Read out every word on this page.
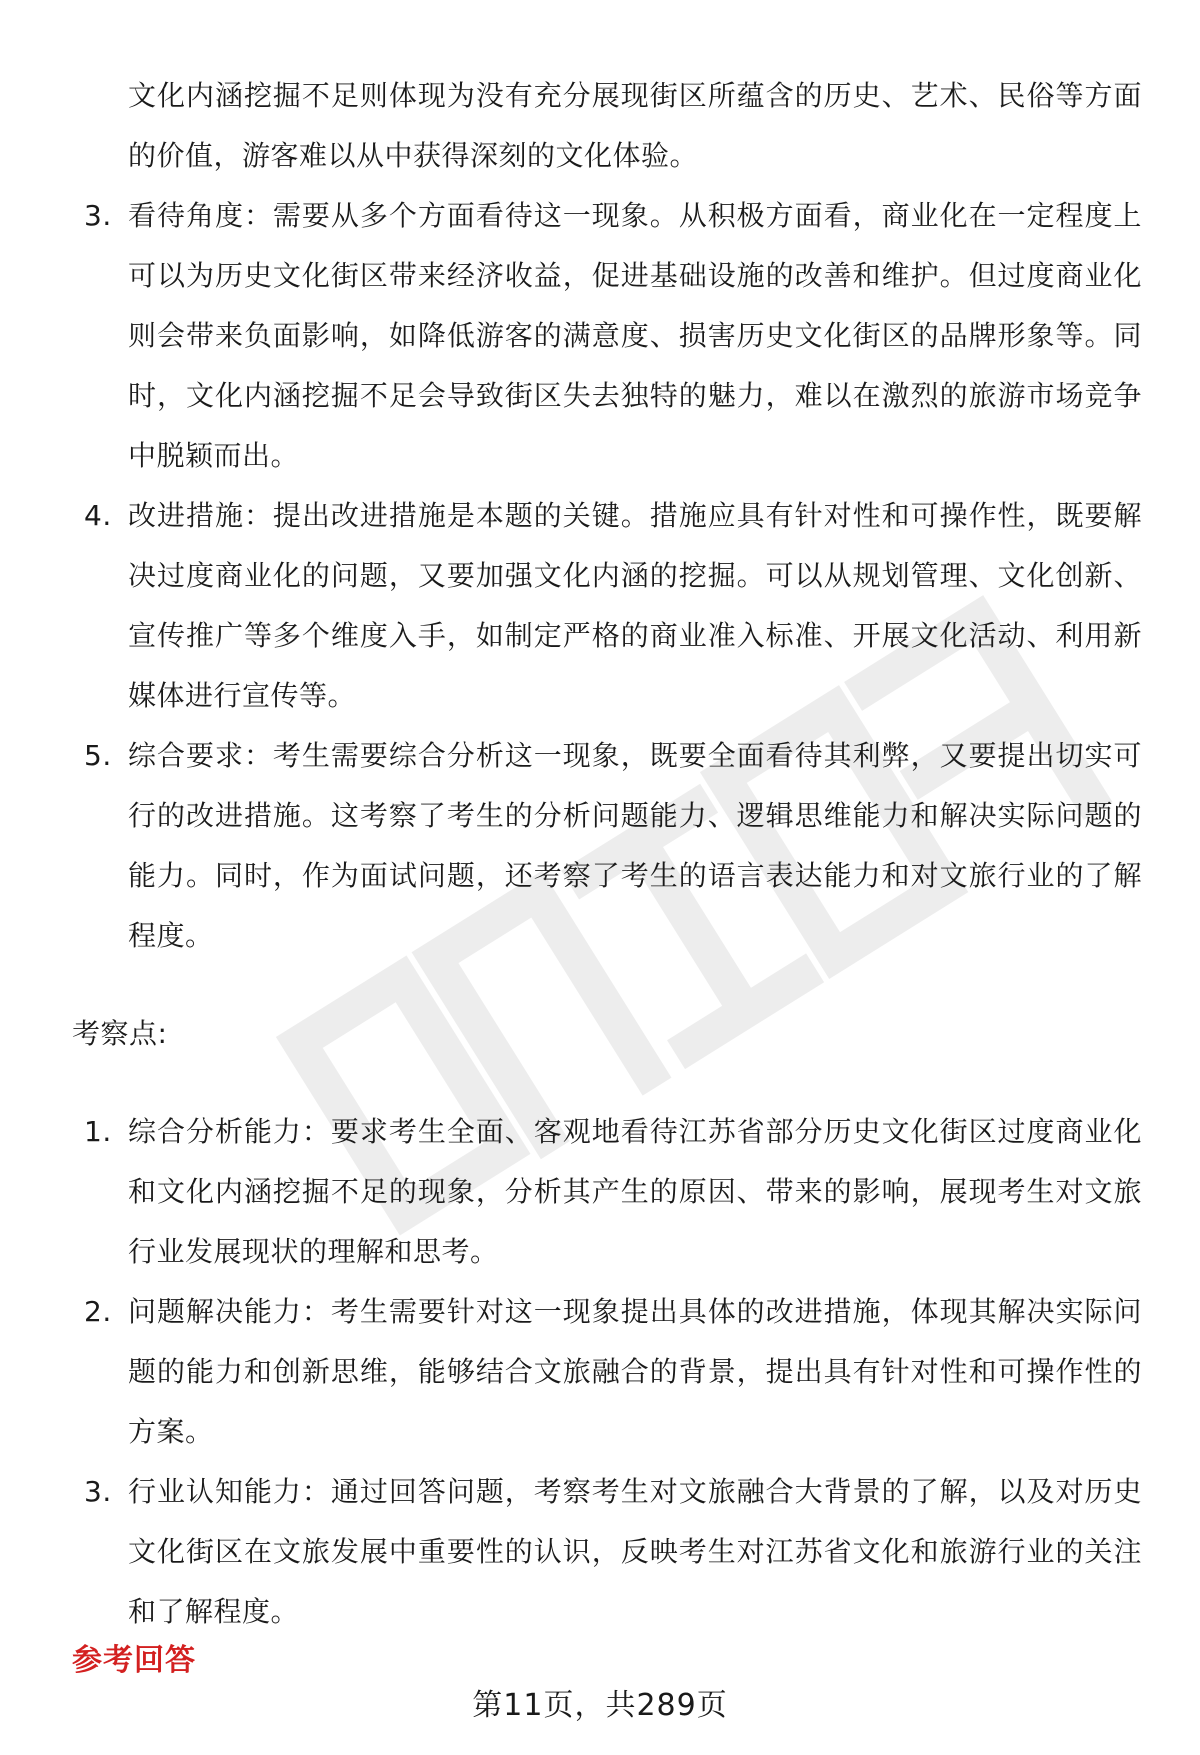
文化内涵挖掘不足则体现为没有充分展现街区所蕴含的历史、艺术、民俗等方面的价值，游客难以从中获得深刻的文化体验。

3. 看待角度：需要从多个方面看待这一现象。从积极方面看，商业化在一定程度上可以为历史文化街区带来经济收益，促进基础设施的改善和维护。但过度商业化则会带来负面影响，如降低游客的满意度、损害历史文化街区的品牌形象等。同时，文化内涵挖掘不足会导致街区失去独特的魅力，难以在激烈的旅游市场竞争中脱颖而出。
4. 改进措施：提出改进措施是本题的关键。措施应具有针对性和可操作性，既要解决过度商业化的问题，又要加强文化内涵的挖掘。可以从规划管理、文化创新、宣传推广等多个维度入手，如制定严格的商业准入标准、开展文化活动、利用新媒体进行宣传等。
5. 综合要求：考生需要综合分析这一现象，既要全面看待其利弊，又要提出切实可行的改进措施。这考察了考生的分析问题能力、逻辑思维能力和解决实际问题的能力。同时，作为面试问题，还考察了考生的语言表达能力和对文旅行业的了解程度。

考察点:

1. 综合分析能力：要求考生全面、客观地看待江苏省部分历史文化街区过度商业化和文化内涵挖掘不足的现象，分析其产生的原因、带来的影响，展现考生对文旅行业发展现状的理解和思考。
2. 问题解决能力：考生需要针对这一现象提出具体的改进措施，体现其解决实际问题的能力和创新思维，能够结合文旅融合的背景，提出具有针对性和可操作性的方案。
3. 行业认知能力：通过回答问题，考察考生对文旅融合大背景的了解，以及对历史文化街区在文旅发展中重要性的认识，反映考生对江苏省文化和旅游行业的关注和了解程度。
参考回答
第11页，共289页
